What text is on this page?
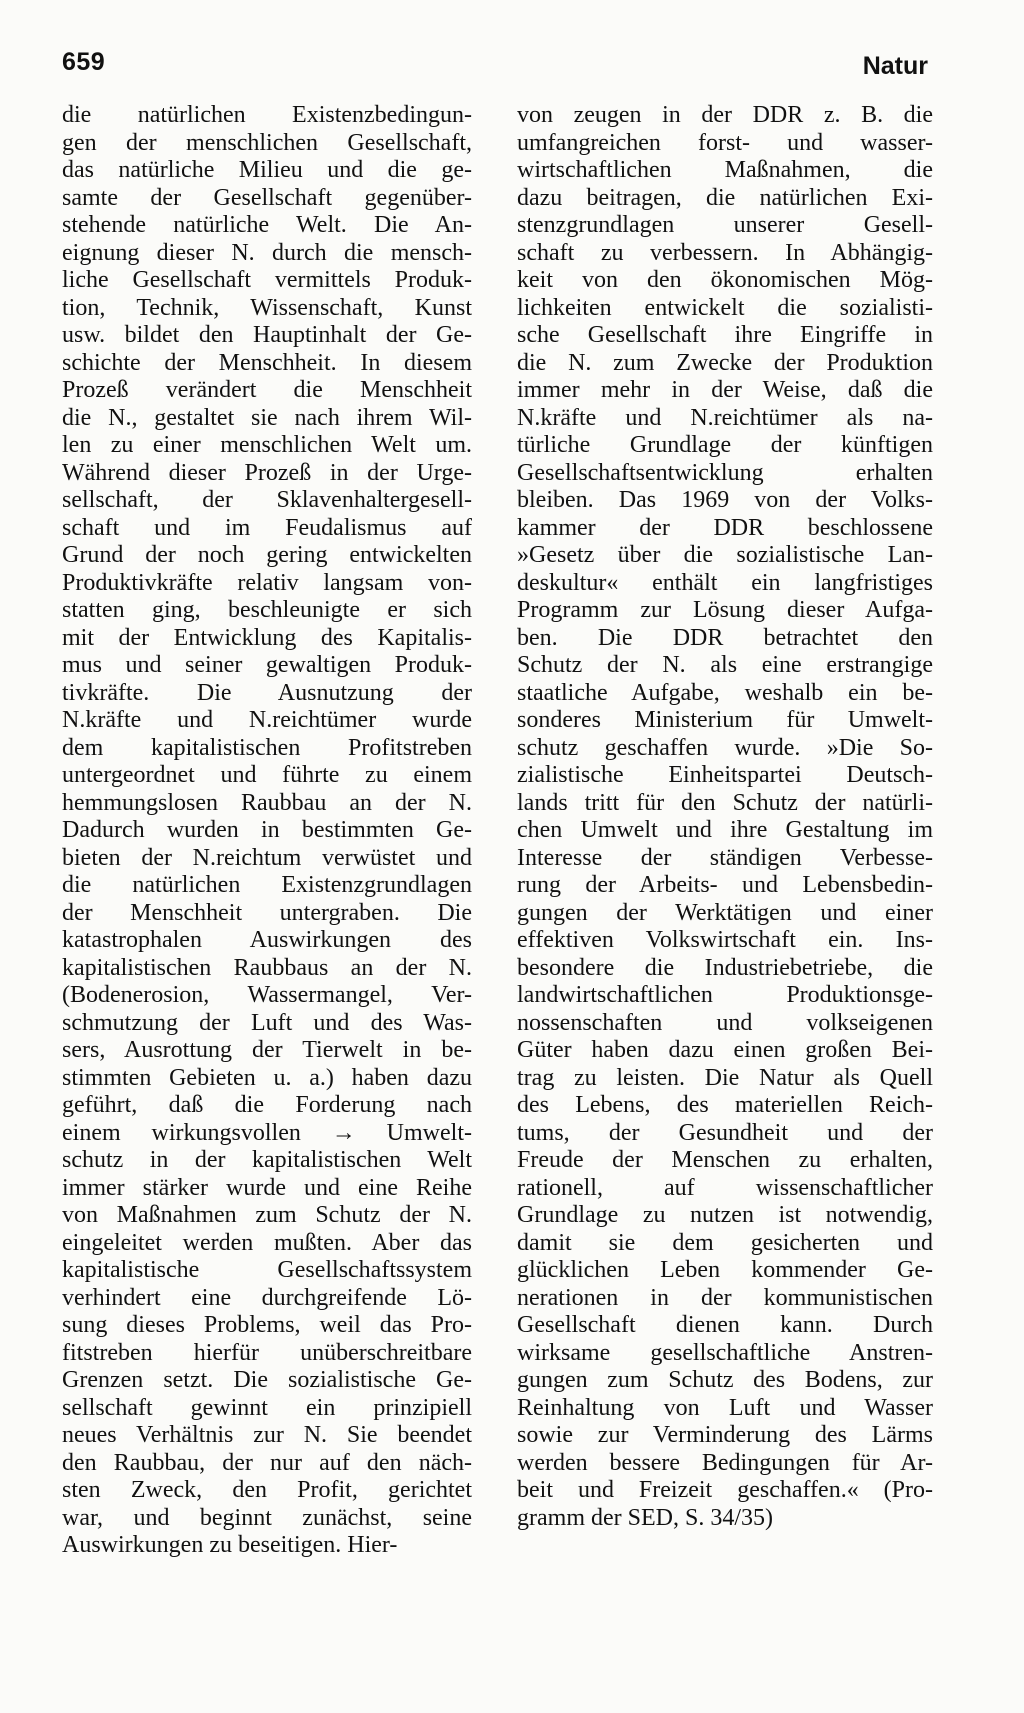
659	Natur
die natürlichen Existenzbedingun-
gen der menschlichen Gesellschaft,
das natürliche Milieu und die ge-
samte der Gesellschaft gegenüber-
stehende natürliche Welt. Die An-
eignung dieser N. durch die mensch-
liche Gesellschaft vermittels Produk-
tion, Technik, Wissenschaft, Kunst
usw. bildet den Hauptinhalt der Ge-
schichte der Menschheit. In diesem
Prozeß verändert die Menschheit
die N., gestaltet sie nach ihrem Wil-
len zu einer menschlichen Welt um.
Während dieser Prozeß in der Urge-
sellschaft, der Sklavenhaltergesell-
schaft und im Feudalismus auf
Grund der noch gering entwickelten
Produktivkräfte relativ langsam von-
statten ging, beschleunigte er sich
mit der Entwicklung des Kapitalis-
mus und seiner gewaltigen Produk-
tivkräfte. Die Ausnutzung der
N.kräfte und N.reichtümer wurde
dem kapitalistischen Profitstreben
untergeordnet und führte zu einem
hemmungslosen Raubbau an der N.
Dadurch wurden in bestimmten Ge-
bieten der N.reichtum verwüstet und
die natürlichen Existenzgrundlagen
der Menschheit untergraben. Die
katastrophalen Auswirkungen des
kapitalistischen Raubbaus an der N.
(Bodenerosion, Wassermangel, Ver-
schmutzung der Luft und des Was-
sers, Ausrottung der Tierwelt in be-
stimmten Gebieten u. a.) haben dazu
geführt, daß die Forderung nach
einem wirkungsvollen → Umwelt-
schutz in der kapitalistischen Welt
immer stärker wurde und eine Reihe
von Maßnahmen zum Schutz der N.
eingeleitet werden mußten. Aber das
kapitalistische Gesellschaftssystem
verhindert eine durchgreifende Lö-
sung dieses Problems, weil das Pro-
fitstreben hierfür unüberschreitbare
Grenzen setzt. Die sozialistische Ge-
sellschaft gewinnt ein prinzipiell
neues Verhältnis zur N. Sie beendet
den Raubbau, der nur auf den näch-
sten Zweck, den Profit, gerichtet
war, und beginnt zunächst, seine
Auswirkungen zu beseitigen. Hier-
von zeugen in der DDR z. B. die
umfangreichen forst- und wasser-
wirtschaftlichen Maßnahmen, die
dazu beitragen, die natürlichen Exi-
stenzgrundlagen unserer Gesell-
schaft zu verbessern. In Abhängig-
keit von den ökonomischen Mög-
lichkeiten entwickelt die sozialisti-
sche Gesellschaft ihre Eingriffe in
die N. zum Zwecke der Produktion
immer mehr in der Weise, daß die
N.kräfte und N.reichtümer als na-
türliche Grundlage der künftigen
Gesellschaftsentwicklung erhalten
bleiben. Das 1969 von der Volks-
kammer der DDR beschlossene
»Gesetz über die sozialistische Lan-
deskultur« enthält ein langfristiges
Programm zur Lösung dieser Aufga-
ben. Die DDR betrachtet den
Schutz der N. als eine erstrangige
staatliche Aufgabe, weshalb ein be-
sonderes Ministerium für Umwelt-
schutz geschaffen wurde. »Die So-
zialistische Einheitspartei Deutsch-
lands tritt für den Schutz der natürli-
chen Umwelt und ihre Gestaltung im
Interesse der ständigen Verbesse-
rung der Arbeits- und Lebensbedin-
gungen der Werktätigen und einer
effektiven Volkswirtschaft ein. Ins-
besondere die Industriebetriebe, die
landwirtschaftlichen Produktionsge-
nossenschaften und volkseigenen
Güter haben dazu einen großen Bei-
trag zu leisten. Die Natur als Quell
des Lebens, des materiellen Reich-
tums, der Gesundheit und der
Freude der Menschen zu erhalten,
rationell, auf wissenschaftlicher
Grundlage zu nutzen ist notwendig,
damit sie dem gesicherten und
glücklichen Leben kommender Ge-
nerationen in der kommunistischen
Gesellschaft dienen kann. Durch
wirksame gesellschaftliche Anstren-
gungen zum Schutz des Bodens, zur
Reinhaltung von Luft und Wasser
sowie zur Verminderung des Lärms
werden bessere Bedingungen für Ar-
beit und Freizeit geschaffen.« (Pro-
gramm der SED, S. 34/35)
